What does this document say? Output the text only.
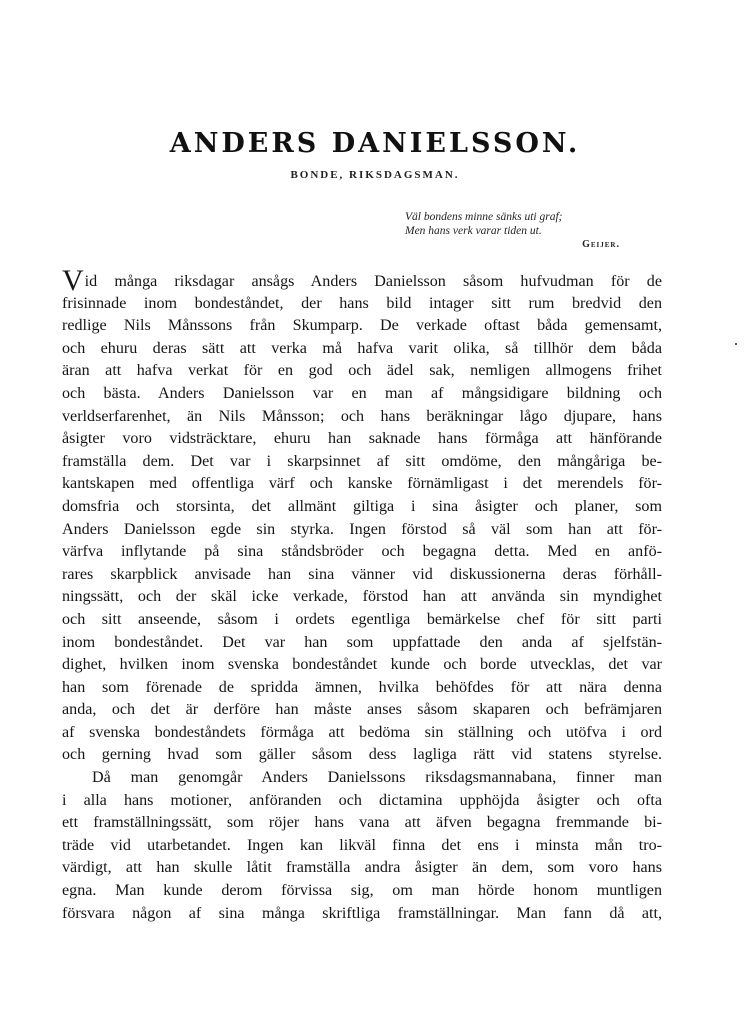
ANDERS DANIELSSON.
BONDE, RIKSDAGSMAN.
Väl bondens minne sänks uti graf;
Men hans verk varar tiden ut.
Geijer.
Vid många riksdagar ansågs Anders Danielsson såsom hufvudman för de
frisinnade inom bondeståndet, der hans bild intager sitt rum bredvid den
redlige Nils Månssons från Skumparp. De verkade oftast båda gemensamt,
och ehuru deras sätt att verka må hafva varit olika, så tillhör dem båda
äran att hafva verkat för en god och ädel sak, nemligen allmogens frihet
och bästa. Anders Danielsson var en man af mångsidigare bildning och
verldserfarenhet, än Nils Månsson; och hans beräkningar lågo djupare, hans
åsigter voro vidsträcktare, ehuru han saknade hans förmåga att hänförande
framställa dem. Det var i skarpsinnet af sitt omdöme, den mångåriga be-
kantskapen med offentliga värf och kanske förnämligast i det merendels för-
domsfria och storsinta, det allmänt giltiga i sina åsigter och planer, som
Anders Danielsson egde sin styrka. Ingen förstod så väl som han att för-
värfva inflytande på sina ståndsbröder och begagna detta. Med en anfö-
rares skarpblick anvisade han sina vänner vid diskussionerna deras förhåll-
ningssätt, och der skäl icke verkade, förstod han att använda sin myndighet
och sitt anseende, såsom i ordets egentliga bemärkelse chef för sitt parti
inom bondeståndet. Det var han som uppfattade den anda af sjelfstän-
dighet, hvilken inom svenska bondeståndet kunde och borde utvecklas, det var
han som förenade de spridda ämnen, hvilka behöfdes för att nära denna
anda, och det är derföre han måste anses såsom skaparen och befrämjaren
af svenska bondeståndets förmåga att bedöma sin ställning och utöfva i ord
och gerning hvad som gäller såsom dess lagliga rätt vid statens styrelse.
Då man genomgår Anders Danielssons riksdagsmannabana, finner man
i alla hans motioner, anföranden och dictamina upphöjda åsigter och ofta
ett framställningssätt, som röjer hans vana att äfven begagna fremmande bi-
träde vid utarbetandet. Ingen kan likväl finna det ens i minsta mån tro-
värdigt, att han skulle låtit framställa andra åsigter än dem, som voro hans
egna. Man kunde derom förvissa sig, om man hörde honom muntligen
försvara någon af sina många skriftliga framställningar. Man fann då att,
